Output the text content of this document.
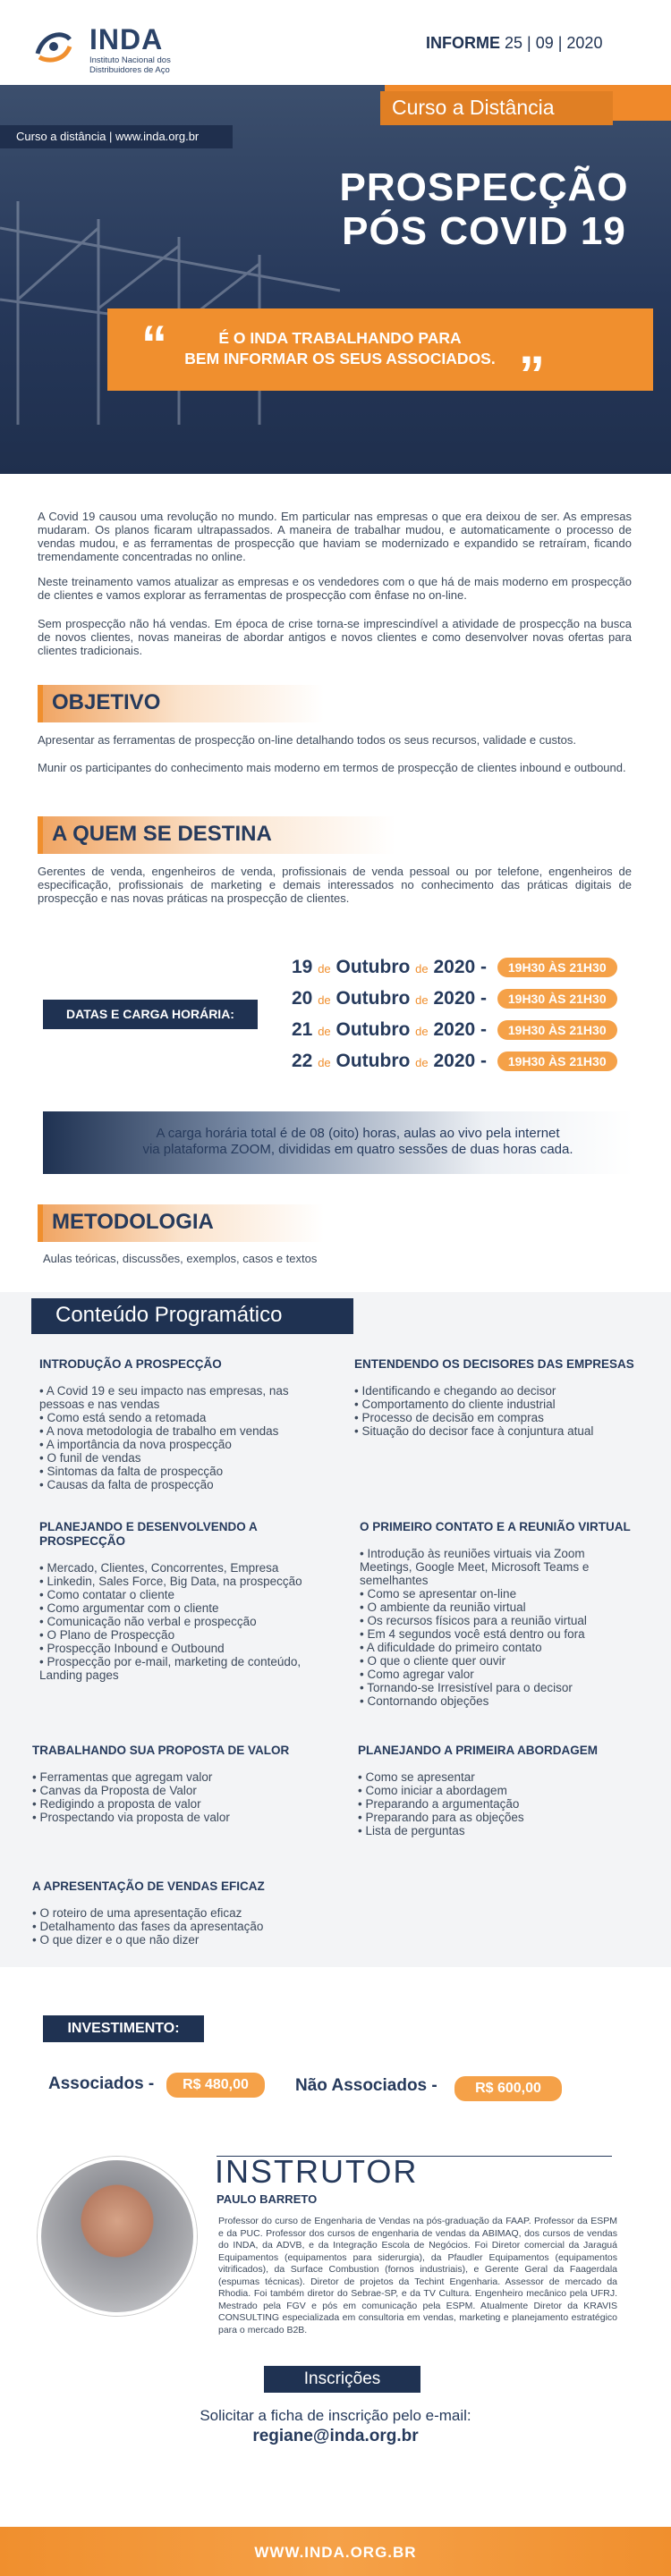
INDA
Instituto Nacional dos
Distribuidores de Aço
INFORME 25 | 09 | 2020
Curso a distância | www.inda.org.br
Curso a Distância
PROSPECÇÃO
PÓS COVID 19
“
”
É O INDA TRABALHANDO PARA
BEM INFORMAR OS SEUS ASSOCIADOS.

A Covid 19 causou uma revolução no mundo. Em particular nas empresas o que era deixou de ser. As empresas mudaram. Os planos ficaram ultrapassados. A maneira de trabalhar mudou, e automaticamente o processo de vendas mudou, e as ferramentas de prospecção que haviam se modernizado e expandido se retraíram, ficando tremendamente concentradas no online.

Neste treinamento vamos atualizar as empresas e os vendedores com o que há de mais moderno em prospecção de clientes e vamos explorar as ferramentas de prospecção com ênfase no on-line.

Sem prospecção não há vendas. Em época de crise torna-se imprescindível a atividade de prospecção na busca de novos clientes, novas maneiras de abordar antigos e novos clientes e como desenvolver novas ofertas para clientes tradicionais.

OBJETIVO

Apresentar as ferramentas de prospecção on-line detalhando todos os seus recursos, validade e custos.

Munir os participantes do conhecimento mais moderno em termos de prospecção de clientes inbound e outbound.

A QUEM SE DESTINA

Gerentes de venda, engenheiros de venda, profissionais de venda pessoal ou por telefone, engenheiros de especificação, profissionais de marketing e demais interessados no conhecimento das práticas digitais de prospecção e nas novas práticas na prospecção de clientes.

DATAS E CARGA HORÁRIA:
19 de Outubro de 2020 - 19H30 ÀS 21H30
20 de Outubro de 2020 - 19H30 ÀS 21H30
21 de Outubro de 2020 - 19H30 ÀS 21H30
22 de Outubro de 2020 - 19H30 ÀS 21H30
A carga horária total é de 08 (oito) horas, aulas ao vivo pela internet
via plataforma ZOOM, divididas em quatro sessões de duas horas cada.
METODOLOGIA
Aulas teóricas, discussões, exemplos, casos e textos
Conteúdo Programático
INTRODUÇÃO A PROSPECÇÃO
• A Covid 19 e seu impacto nas empresas, nas pessoas e nas vendas
• Como está sendo a retomada
• A nova metodologia de trabalho em vendas
• A importância da nova prospecção
• O funil de vendas
• Sintomas da falta de prospecção
• Causas da falta de prospecção
ENTENDENDO OS DECISORES DAS EMPRESAS
• Identificando e chegando ao decisor
• Comportamento do cliente industrial
• Processo de decisão em compras
• Situação do decisor face à conjuntura atual
PLANEJANDO E DESENVOLVENDO A PROSPECÇÃO
• Mercado, Clientes, Concorrentes, Empresa
• Linkedin, Sales Force, Big Data, na prospecção
• Como contatar o cliente
• Como argumentar com o cliente
• Comunicação não verbal e prospecção
• O Plano de Prospecção
• Prospecção Inbound e Outbound
• Prospecção por e-mail, marketing de conteúdo, Landing pages
O PRIMEIRO CONTATO E A REUNIÃO VIRTUAL
• Introdução às reuniões virtuais via Zoom Meetings, Google Meet, Microsoft Teams e semelhantes
• Como se apresentar on-line
• O ambiente da reunião virtual
• Os recursos físicos para a reunião virtual
• Em 4 segundos você está dentro ou fora
• A dificuldade do primeiro contato
• O que o cliente quer ouvir
• Como agregar valor
• Tornando-se Irresistível para o decisor
• Contornando objeções
TRABALHANDO SUA PROPOSTA DE VALOR
• Ferramentas que agregam valor
• Canvas da Proposta de Valor
• Redigindo a proposta de valor
• Prospectando via proposta de valor
PLANEJANDO A PRIMEIRA ABORDAGEM
• Como se apresentar
• Como iniciar a abordagem
• Preparando a argumentação
• Preparando para as objeções
• Lista de perguntas
A APRESENTAÇÃO DE VENDAS EFICAZ
• O roteiro de uma apresentação eficaz
• Detalhamento das fases da apresentação
• O que dizer e o que não dizer
INVESTIMENTO:
Associados -	R$ 480,00	Não Associados -	R$ 600,00
INSTRUTOR
PAULO BARRETO

Professor do curso de Engenharia de Vendas na pós-graduação da FAAP. Professor da ESPM e da PUC. Professor dos cursos de engenharia de vendas da ABIMAQ, dos cursos de vendas do INDA, da ADVB, e da Integração Escola de Negócios. Foi Diretor comercial da Jaraguá Equipamentos (equipamentos para siderurgia), da Pfaudler Equipamentos (equipamentos vitrificados), da Surface Combustion (fornos industriais), e Gerente Geral da Faagerdala (espumas técnicas). Diretor de projetos da Techint Engenharia. Assessor de mercado da Rhodia. Foi também diretor do Sebrae-SP, e da TV Cultura. Engenheiro mecânico pela UFRJ. Mestrado pela FGV e pós em comunicação pela ESPM. Atualmente Diretor da KRAVIS CONSULTING especializada em consultoria em vendas, marketing e planejamento estratégico para o mercado B2B.

Inscrições
Solicitar a ficha de inscrição pelo e-mail:
regiane@inda.org.br
WWW.INDA.ORG.BR
